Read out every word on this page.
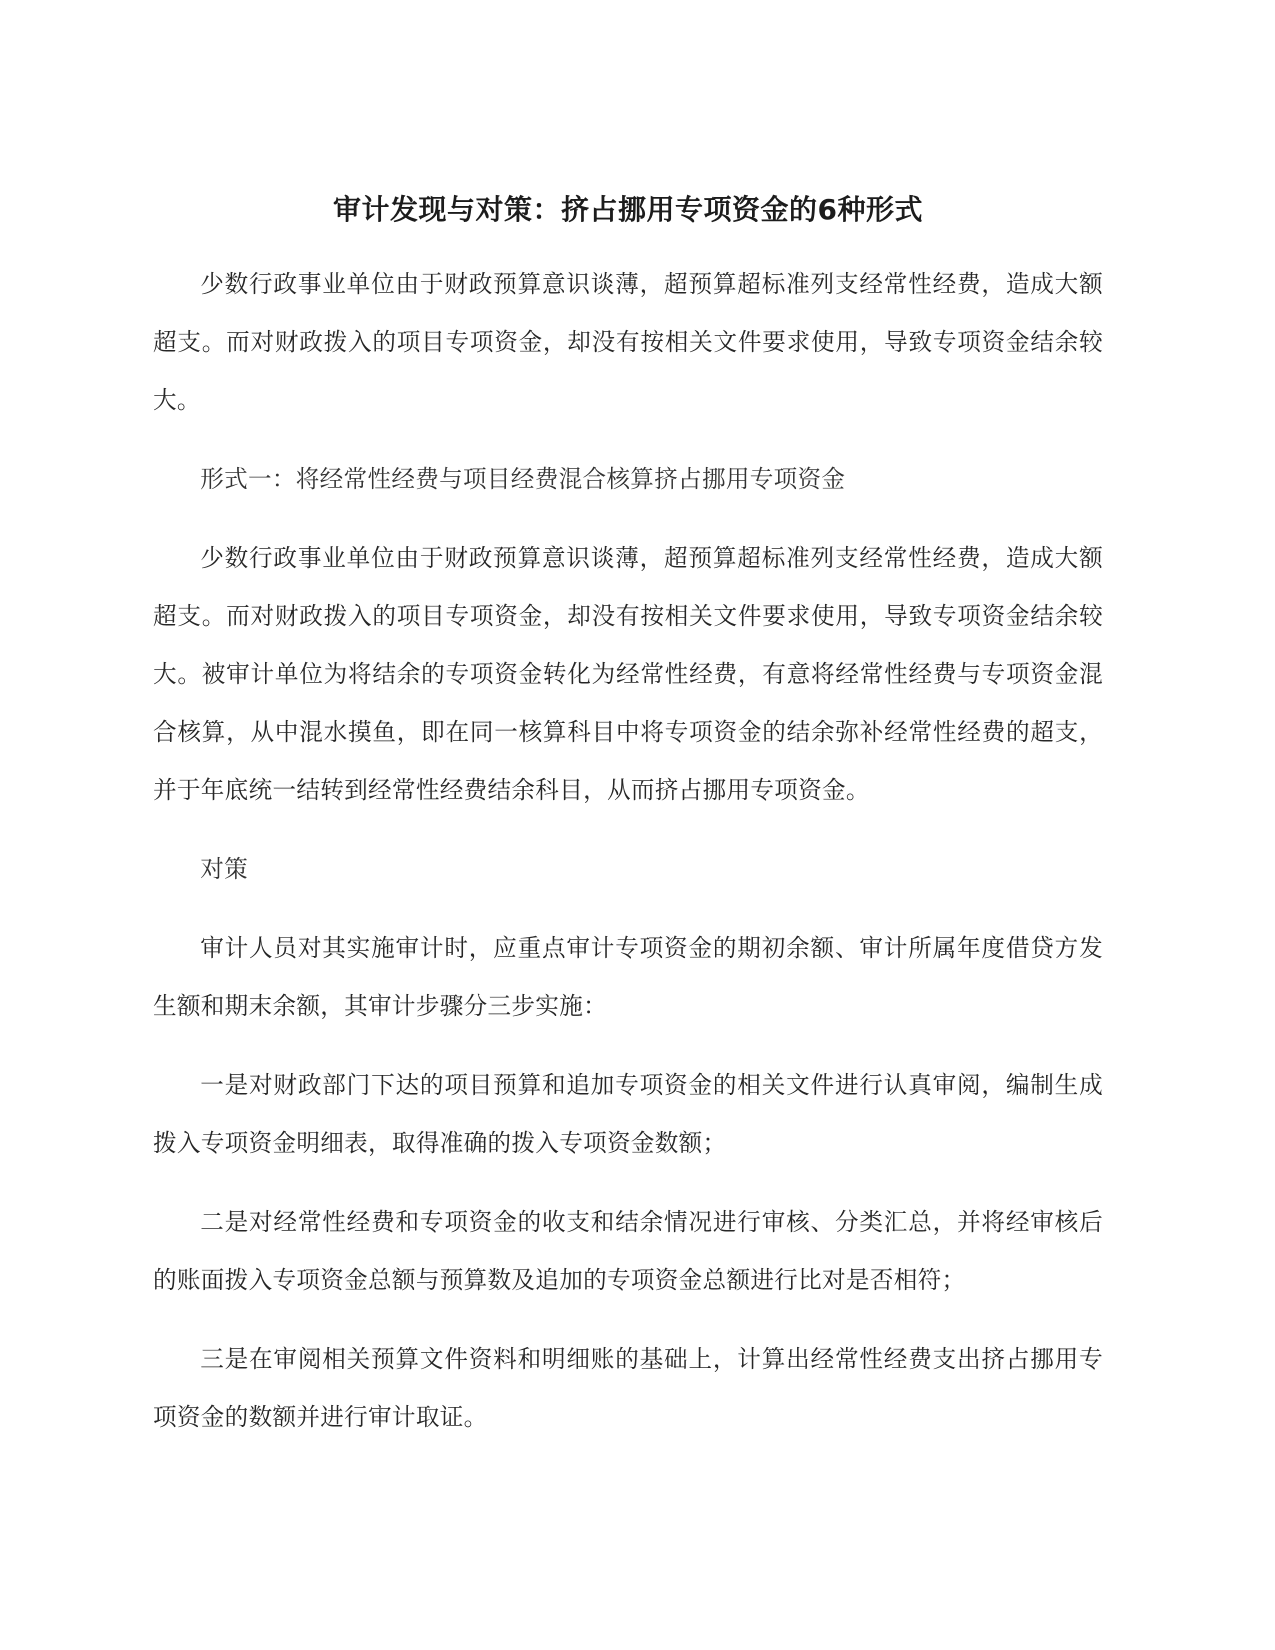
审计发现与对策：挤占挪用专项资金的6种形式

少数行政事业单位由于财政预算意识谈薄，超预算超标准列支经常性经费，造成大额超支。而对财政拨入的项目专项资金，却没有按相关文件要求使用，导致专项资金结余较大。

形式一：将经常性经费与项目经费混合核算挤占挪用专项资金

少数行政事业单位由于财政预算意识谈薄，超预算超标准列支经常性经费，造成大额超支。而对财政拨入的项目专项资金，却没有按相关文件要求使用，导致专项资金结余较大。被审计单位为将结余的专项资金转化为经常性经费，有意将经常性经费与专项资金混合核算，从中混水摸鱼，即在同一核算科目中将专项资金的结余弥补经常性经费的超支，并于年底统一结转到经常性经费结余科目，从而挤占挪用专项资金。

对策

审计人员对其实施审计时，应重点审计专项资金的期初余额、审计所属年度借贷方发生额和期末余额，其审计步骤分三步实施：

一是对财政部门下达的项目预算和追加专项资金的相关文件进行认真审阅，编制生成拨入专项资金明细表，取得准确的拨入专项资金数额；

二是对经常性经费和专项资金的收支和结余情况进行审核、分类汇总，并将经审核后的账面拨入专项资金总额与预算数及追加的专项资金总额进行比对是否相符；

三是在审阅相关预算文件资料和明细账的基础上，计算出经常性经费支出挤占挪用专项资金的数额并进行审计取证。
